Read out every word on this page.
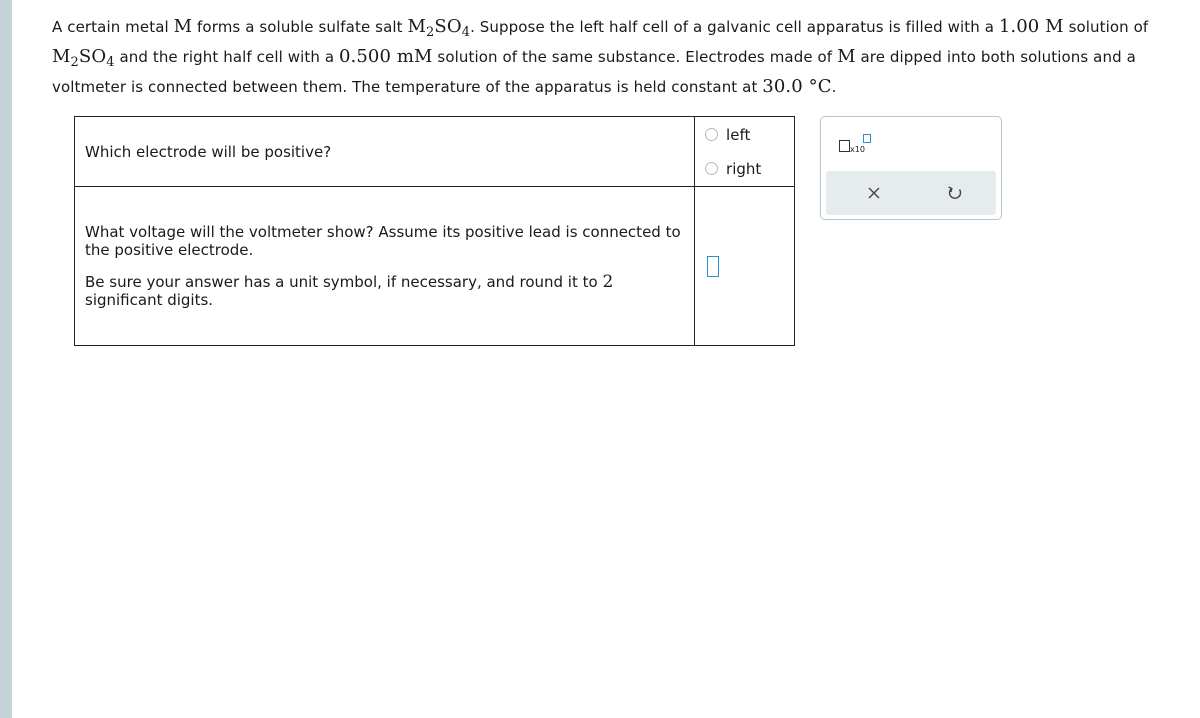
A certain metal M forms a soluble sulfate salt $M_2SO_4$. Suppose the left half cell of a galvanic cell apparatus is filled with a 1.00 M solution of $M_2SO_4$ and the right half cell with a 0.500 mM solution of the same substance. Electrodes made of M are dipped into both solutions and a voltmeter is connected between them. The temperature of the apparatus is held constant at 30.0 °C.

Which electrode will be positive?	left
right

What voltage will the voltmeter show? Assume its positive lead is connected to the positive electrode.

Be sure your answer has a unit symbol, if necessary, and round it to 2 significant digits.	

x10
